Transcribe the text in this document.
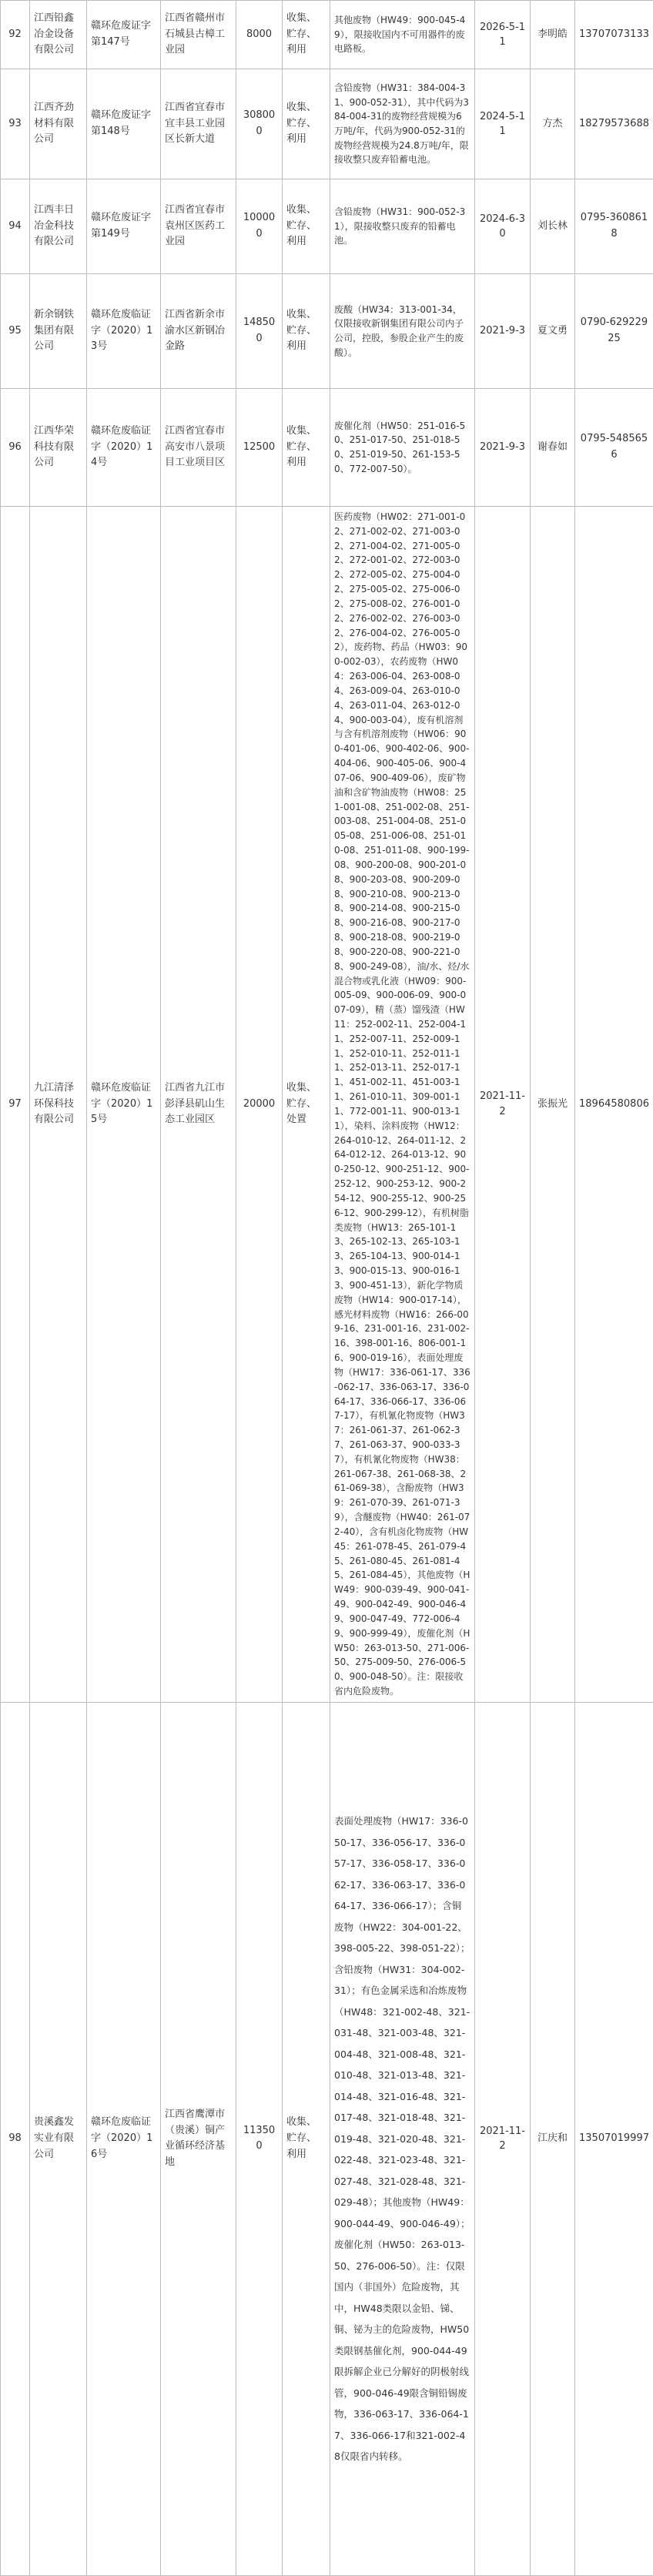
92	江西铅鑫冶金设备有限公司	赣环危废证字第147号	江西省赣州市石城县古樟工业园	8000	收集、贮存、利用	其他废物（HW49：900-045-49），限接收国内不可用器件的废电路板。	2026-5-11	李明皓	13707073133
93	江西齐劲材料有限公司	赣环危废证字第148号	江西省宜春市宜丰县工业园区长新大道	308000	收集、贮存、利用	含铅废物（HW31：384-004-31、900-052-31），其中代码为384-004-31的废物经营规模为6万吨/年，代码为900-052-31的废物经营规模为24.8万吨/年，限接收整只废弃铅蓄电池。	2024-5-11	方杰	18279573688
94	江西丰日冶金科技有限公司	赣环危废证字第149号	江西省宜春市袁州区医药工业园	100000	收集、贮存、利用	含铅废物（HW31：900-052-31），限接收整只废弃的铅蓄电池。	2024-6-30	刘长林	0795-3608618
95	新余钢铁集团有限公司	赣环危废临证字（2020）13号	江西省新余市渝水区新钢冶金路	148500	收集、贮存、利用	废酸（HW34：313-001-34，仅限接收新钢集团有限公司内子公司，控股，参股企业产生的废酸）。	2021-9-3	夏文勇	0790-62922925
96	江西华荣科技有限公司	赣环危废临证字（2020）14号	江西省宜春市高安市八景项目工业项目区	12500	收集、贮存、利用	废催化剂（HW50：251-016-50、251-017-50、251-018-50、251-019-50、261-153-50、772-007-50）。	2021-9-3	谢春如	0795-5485656
97	九江清泽环保科技有限公司	赣环危废临证字（2020）15号	江西省九江市彭泽县矶山生态工业园区	20000	收集、贮存、处置	医药废物（HW02：271-001-02、271-002-02、271-003-02、271-004-02、271-005-02、272-001-02、272-003-02、272-005-02、275-004-02、275-005-02、275-006-02、275-008-02、276-001-02、276-002-02、276-003-02、276-004-02、276-005-02），废药物、药品（HW03：900-002-03），农药废物（HW04：263-006-04、263-008-04、263-009-04、263-010-04、263-011-04、263-012-04、900-003-04），废有机溶剂与含有机溶剂废物（HW06：900-401-06、900-402-06、900-404-06、900-405-06、900-407-06、900-409-06），废矿物油和含矿物油废物（HW08：251-001-08、251-002-08、251-003-08、251-004-08、251-005-08、251-006-08、251-010-08、251-011-08、900-199-08、900-200-08、900-201-08、900-203-08、900-209-08、900-210-08、900-213-08、900-214-08、900-215-08、900-216-08、900-217-08、900-218-08、900-219-08、900-220-08、900-221-08、900-249-08），油/水、烃/水混合物或乳化液（HW09：900-005-09、900-006-09、900-007-09），精（蒸）馏残渣（HW11：252-002-11、252-004-11、252-007-11、252-009-11、252-010-11、252-011-11、252-013-11、252-017-11、451-002-11、451-003-11、261-010-11、309-001-11、772-001-11、900-013-11），染料、涂料废物（HW12：264-010-12、264-011-12、264-012-12、264-013-12、900-250-12、900-251-12、900-252-12、900-253-12、900-254-12、900-255-12、900-256-12、900-299-12），有机树脂类废物（HW13：265-101-13、265-102-13、265-103-13、265-104-13、900-014-13、900-015-13、900-016-13、900-451-13），新化学物质废物（HW14：900-017-14），感光材料废物（HW16：266-009-16、231-001-16、231-002-16、398-001-16、806-001-16、900-019-16），表面处理废物（HW17：336-061-17、336-062-17、336-063-17、336-064-17、336-066-17、336-067-17），有机氰化物废物（HW37：261-061-37、261-062-37、261-063-37、900-033-37），有机氰化物废物（HW38：261-067-38、261-068-38、261-069-38），含酚废物（HW39：261-070-39、261-071-39），含醚废物（HW40：261-072-40），含有机卤化物废物（HW45：261-078-45、261-079-45、261-080-45、261-081-45、261-084-45），其他废物（HW49：900-039-49、900-041-49、900-042-49、900-046-49、900-047-49、772-006-49、900-999-49），废催化剂（HW50：263-013-50、271-006-50、275-009-50、276-006-50、900-048-50）。注：限接收省内危险废物。	2021-11-2	张振光	18964580806
98	贵溪鑫发实业有限公司	赣环危废临证字（2020）16号	江西省鹰潭市（贵溪）铜产业循环经济基地	113500	收集、贮存、利用	表面处理废物（HW17：336-050-17、336-056-17、336-057-17、336-058-17、336-062-17、336-063-17、336-064-17、336-066-17）；含铜废物（HW22：304-001-22、398-005-22、398-051-22）；含铅废物（HW31：304-002-31）；有色金属采选和冶炼废物（HW48：321-002-48、321-031-48、321-003-48、321-004-48、321-008-48、321-010-48、321-013-48、321-014-48、321-016-48、321-017-48、321-018-48、321-019-48、321-020-48、321-022-48、321-023-48、321-027-48、321-028-48、321-029-48）；其他废物（HW49：900-044-49、900-046-49）；废催化剂（HW50：263-013-50、276-006-50）。注：仅限国内（非国外）危险废物，其中，HW48类限以金铅、锑、铜、铋为主的危险废物，HW50类限钢基催化剂，900-044-49限拆解企业已分解好的阴极射线管，900-046-49限含铜铅锡废物，336-063-17、336-064-17、336-066-17和321-002-48仅限省内转移。	2021-11-2	江庆和	13507019997
